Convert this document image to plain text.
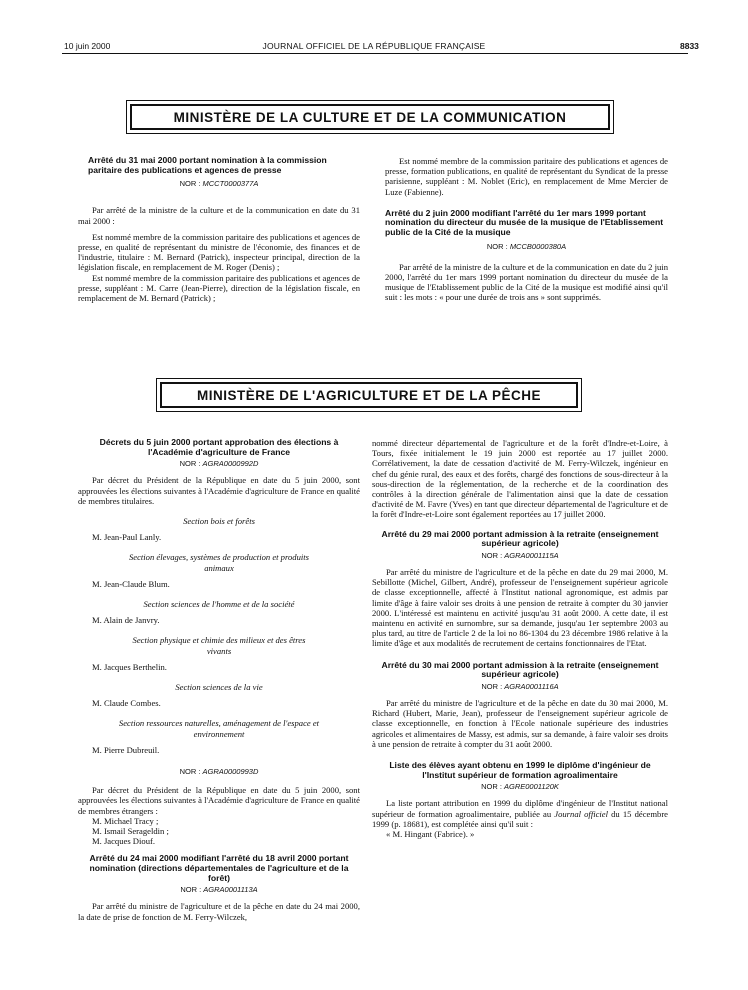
10 juin 2000	JOURNAL OFFICIEL DE LA RÉPUBLIQUE FRANÇAISE	8833
MINISTÈRE DE LA CULTURE ET DE LA COMMUNICATION
Arrêté du 31 mai 2000 portant nomination à la commission paritaire des publications et agences de presse
NOR : MCCT0000377A

Par arrêté de la ministre de la culture et de la communication en date du 31 mai 2000 :

Est nommé membre de la commission paritaire des publications et agences de presse, en qualité de représentant du ministre de l'économie, des finances et de l'industrie, titulaire : M. Bernard (Patrick), inspecteur principal, direction de la législation fiscale, en remplacement de M. Roger (Denis) ;

Est nommé membre de la commission paritaire des publications et agences de presse, suppléant : M. Carre (Jean-Pierre), direction de la législation fiscale, en remplacement de M. Bernard (Patrick) ;

Est nommé membre de la commission paritaire des publications et agences de presse, formation publications, en qualité de représentant du Syndicat de la presse parisienne, suppléant : M. Noblet (Eric), en remplacement de Mme Mercier de Luze (Fabienne).

Arrêté du 2 juin 2000 modifiant l'arrêté du 1er mars 1999 portant nomination du directeur du musée de la musique de l'Etablissement public de la Cité de la musique
NOR : MCCB0000380A

Par arrêté de la ministre de la culture et de la communication en date du 2 juin 2000, l'arrêté du 1er mars 1999 portant nomination du directeur du musée de la musique de l'Etablissement public de la Cité de la musique est modifié ainsi qu'il suit : les mots : « pour une durée de trois ans » sont supprimés.

MINISTÈRE DE L'AGRICULTURE ET DE LA PÊCHE
Décrets du 5 juin 2000 portant approbation des élections à l'Académie d'agriculture de France
NOR : AGRA0000992D

Par décret du Président de la République en date du 5 juin 2000, sont approuvées les élections suivantes à l'Académie d'agriculture de France en qualité de membres titulaires.

Section bois et forêts

M. Jean-Paul Lanly.

Section élevages, systèmes de production et produits animaux

M. Jean-Claude Blum.

Section sciences de l'homme et de la société

M. Alain de Janvry.

Section physique et chimie des milieux et des êtres vivants

M. Jacques Berthelin.

Section sciences de la vie

M. Claude Combes.

Section ressources naturelles, aménagement de l'espace et environnement

M. Pierre Dubreuil.

NOR : AGRA0000993D

Par décret du Président de la République en date du 5 juin 2000, sont approuvées les élections suivantes à l'Académie d'agriculture de France en qualité de membres étrangers :

M. Michael Tracy ;

M. Ismail Serageldin ;

M. Jacques Diouf.

Arrêté du 24 mai 2000 modifiant l'arrêté du 18 avril 2000 portant nomination (directions départementales de l'agriculture et de la forêt)
NOR : AGRA0001113A

Par arrêté du ministre de l'agriculture et de la pêche en date du 24 mai 2000, la date de prise de fonction de M. Ferry-Wilczek,

nommé directeur départemental de l'agriculture et de la forêt d'Indre-et-Loire, à Tours, fixée initialement le 19 juin 2000 est reportée au 17 juillet 2000. Corrélativement, la date de cessation d'activité de M. Ferry-Wilczek, ingénieur en chef du génie rural, des eaux et des forêts, chargé des fonctions de sous-directeur à la sous-direction de la réglementation, de la recherche et de la coordination des contrôles à la direction générale de l'alimentation ainsi que la date de cessation d'activité de M. Favre (Yves) en tant que directeur départemental de l'agriculture et de la forêt d'Indre-et-Loire sont également reportées au 17 juillet 2000.

Arrêté du 29 mai 2000 portant admission à la retraite (enseignement supérieur agricole)
NOR : AGRA0001115A

Par arrêté du ministre de l'agriculture et de la pêche en date du 29 mai 2000, M. Sebillotte (Michel, Gilbert, André), professeur de l'enseignement supérieur agricole de classe exceptionnelle, affecté à l'Institut national agronomique, est admis par limite d'âge à faire valoir ses droits à une pension de retraite à compter du 30 janvier 2000. L'intéressé est maintenu en activité jusqu'au 31 août 2000. A cette date, il est maintenu en activité en surnombre, sur sa demande, jusqu'au 1er septembre 2003 au plus tard, au titre de l'article 2 de la loi no 86-1304 du 23 décembre 1986 relative à la limite d'âge et aux modalités de recrutement de certains fonctionnaires de l'Etat.

Arrêté du 30 mai 2000 portant admission à la retraite (enseignement supérieur agricole)
NOR : AGRA0001116A

Par arrêté du ministre de l'agriculture et de la pêche en date du 30 mai 2000, M. Richard (Hubert, Marie, Jean), professeur de l'enseignement supérieur agricole de classe exceptionnelle, en fonction à l'Ecole nationale supérieure des industries agricoles et alimentaires de Massy, est admis, sur sa demande, à faire valoir ses droits à une pension de retraite à compter du 31 août 2000.

Liste des élèves ayant obtenu en 1999 le diplôme d'ingénieur de l'Institut supérieur de formation agroalimentaire
NOR : AGRE0001120K

La liste portant attribution en 1999 du diplôme d'ingénieur de l'Institut national supérieur de formation agroalimentaire, publiée au Journal officiel du 15 décembre 1999 (p. 18681), est complétée ainsi qu'il suit :

« M. Hingant (Fabrice). »
